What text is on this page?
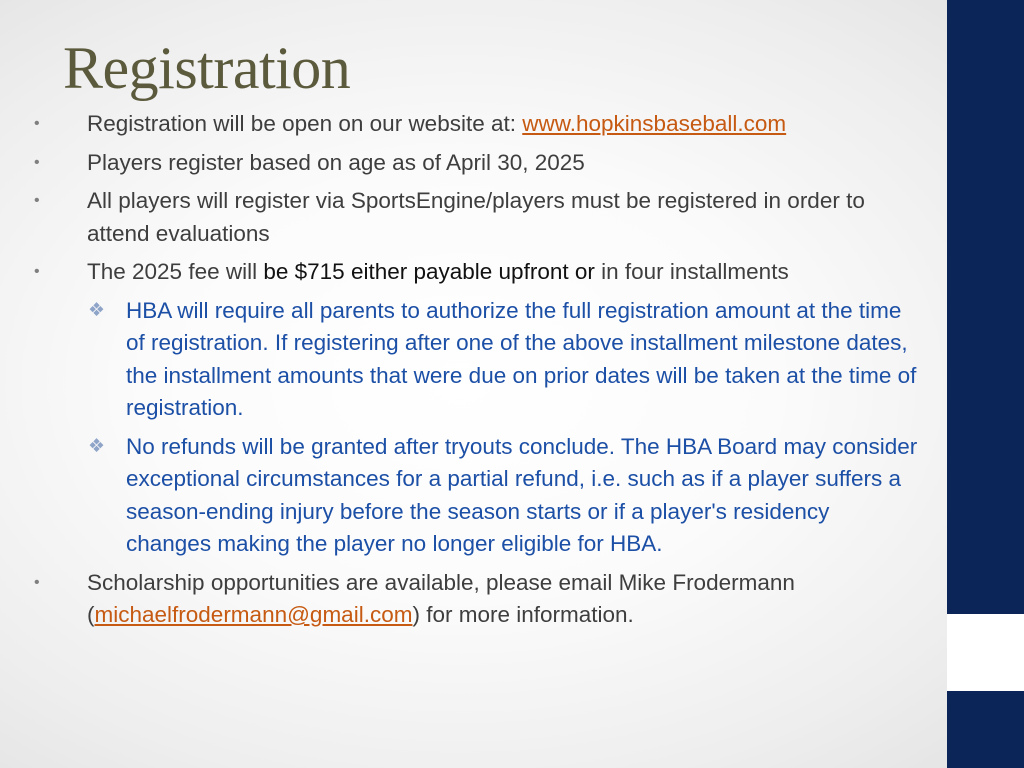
Registration

• Registration will be open on our website at: www.hopkinsbaseball.com

• Players register based on age as of April 30, 2025

• All players will register via SportsEngine/players must be registered in order to attend evaluations

• The 2025 fee will be $715 either payable upfront or in four installments

❖ HBA will require all parents to authorize the full registration amount at the time of registration. If registering after one of the above installment milestone dates, the installment amounts that were due on prior dates will be taken at the time of registration.

❖ No refunds will be granted after tryouts conclude. The HBA Board may consider exceptional circumstances for a partial refund, i.e. such as if a player suffers a season-ending injury before the season starts or if a player's residency changes making the player no longer eligible for HBA.

• Scholarship opportunities are available, please email Mike Frodermann (michaelfrodermann@gmail.com) for more information.
